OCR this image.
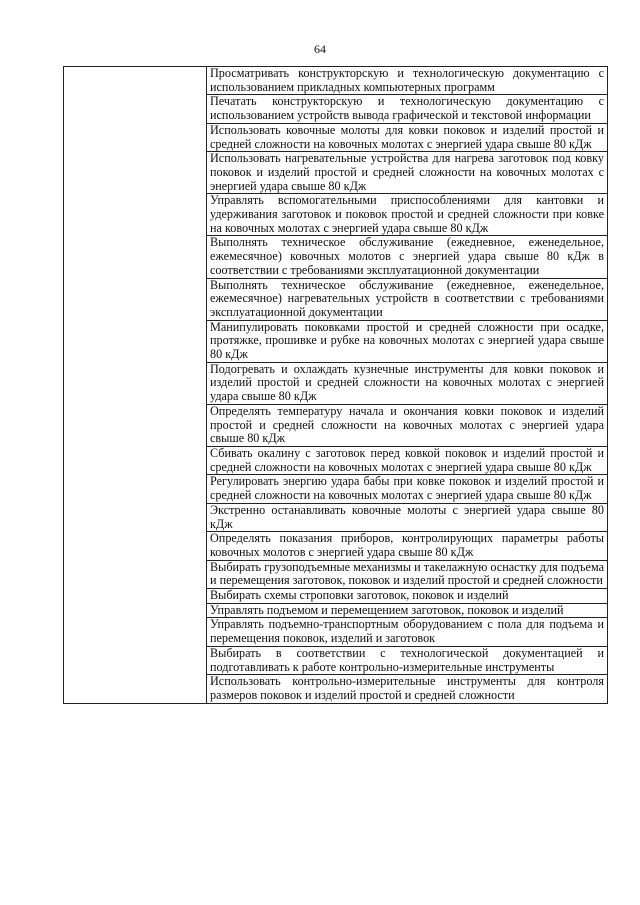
64
	Просматривать конструкторскую и технологическую документацию с использованием прикладных компьютерных программ
	Печатать конструкторскую и технологическую документацию с использованием устройств вывода графической и текстовой информации
	Использовать ковочные молоты для ковки поковок и изделий простой и средней сложности на ковочных молотах с энергией удара свыше 80 кДж
	Использовать нагревательные устройства для нагрева заготовок под ковку поковок и изделий простой и средней сложности на ковочных молотах с энергией удара свыше 80 кДж
	Управлять вспомогательными приспособлениями для кантовки и удерживания заготовок и поковок простой и средней сложности при ковке на ковочных молотах с энергией удара свыше 80 кДж
	Выполнять техническое обслуживание (ежедневное, еженедельное, ежемесячное) ковочных молотов с энергией удара свыше 80 кДж в соответствии с требованиями эксплуатационной документации
	Выполнять техническое обслуживание (ежедневное, еженедельное, ежемесячное) нагревательных устройств в соответствии с требованиями эксплуатационной документации
	Манипулировать поковками простой и средней сложности при осадке, протяжке, прошивке и рубке на ковочных молотах с энергией удара свыше 80 кДж
	Подогревать и охлаждать кузнечные инструменты для ковки поковок и изделий простой и средней сложности на ковочных молотах с энергией удара свыше 80 кДж
	Определять температуру начала и окончания ковки поковок и изделий простой и средней сложности на ковочных молотах с энергией удара свыше 80 кДж
	Сбивать окалину с заготовок перед ковкой поковок и изделий простой и средней сложности на ковочных молотах с энергией удара свыше 80 кДж
	Регулировать энергию удара бабы при ковке поковок и изделий простой и средней сложности на ковочных молотах с энергией удара свыше 80 кДж
	Экстренно останавливать ковочные молоты с энергией удара свыше 80 кДж
	Определять показания приборов, контролирующих параметры работы ковочных молотов с энергией удара свыше 80 кДж
	Выбирать грузоподъемные механизмы и такелажную оснастку для подъема и перемещения заготовок, поковок и изделий простой и средней сложности
	Выбирать схемы строповки заготовок, поковок и изделий
	Управлять подъемом и перемещением заготовок, поковок и изделий
	Управлять подъемно-транспортным оборудованием с пола для подъема и перемещения поковок, изделий и заготовок
	Выбирать в соответствии с технологической документацией и подготавливать к работе контрольно-измерительные инструменты
	Использовать контрольно-измерительные инструменты для контроля размеров поковок и изделий простой и средней сложности
